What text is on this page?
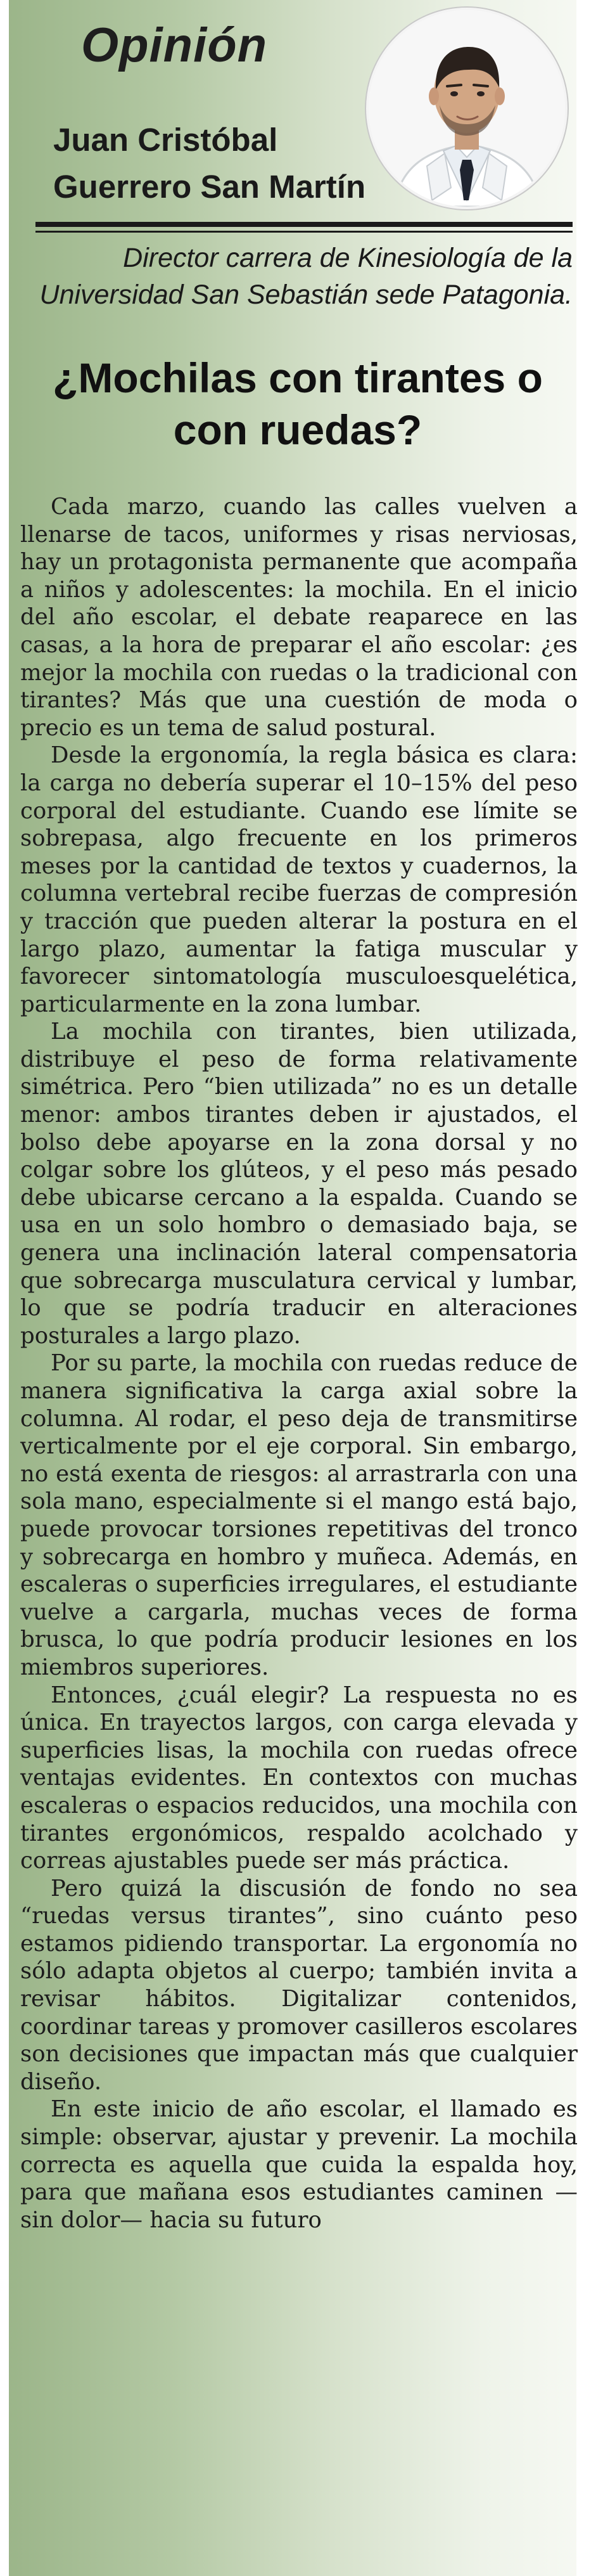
Opinión

Juan Cristóbal
Guerrero San Martín

Director carrera de Kinesiología de la
Universidad San Sebastián sede Patagonia.

¿Mochilas con tirantes o con ruedas?

Cada marzo, cuando las calles vuelven a llenarse de tacos, uniformes y risas nerviosas, hay un protagonista permanente que acompaña a niños y adolescentes: la mochila. En el inicio del año escolar, el debate reaparece en las casas, a la hora de preparar el año escolar: ¿es mejor la mochila con ruedas o la tradicional con tirantes? Más que una cuestión de moda o precio es un tema de salud postural.

Desde la ergonomía, la regla básica es clara: la carga no debería superar el 10–15% del peso corporal del estudiante. Cuando ese límite se sobrepasa, algo frecuente en los primeros meses por la cantidad de textos y cuadernos, la columna vertebral recibe fuerzas de compresión y tracción que pueden alterar la postura en el largo plazo, aumentar la fatiga muscular y favorecer sintomatología musculoesquelética, particularmente en la zona lumbar.

La mochila con tirantes, bien utilizada, distribuye el peso de forma relativamente simétrica. Pero “bien utilizada” no es un detalle menor: ambos tirantes deben ir ajustados, el bolso debe apoyarse en la zona dorsal y no colgar sobre los glúteos, y el peso más pesado debe ubicarse cercano a la espalda. Cuando se usa en un solo hombro o demasiado baja, se genera una inclinación lateral compensatoria que sobrecarga musculatura cervical y lumbar, lo que se podría traducir en alteraciones posturales a largo plazo.

Por su parte, la mochila con ruedas reduce de manera significativa la carga axial sobre la columna. Al rodar, el peso deja de transmitirse verticalmente por el eje corporal. Sin embargo, no está exenta de riesgos: al arrastrarla con una sola mano, especialmente si el mango está bajo, puede provocar torsiones repetitivas del tronco y sobrecarga en hombro y muñeca. Además, en escaleras o superficies irregulares, el estudiante vuelve a cargarla, muchas veces de forma brusca, lo que podría producir lesiones en los miembros superiores.

Entonces, ¿cuál elegir? La respuesta no es única. En trayectos largos, con carga elevada y superficies lisas, la mochila con ruedas ofrece ventajas evidentes. En contextos con muchas escaleras o espacios reducidos, una mochila con tirantes ergonómicos, respaldo acolchado y correas ajustables puede ser más práctica.

Pero quizá la discusión de fondo no sea “ruedas versus tirantes”, sino cuánto peso estamos pidiendo transportar. La ergonomía no sólo adapta objetos al cuerpo; también invita a revisar hábitos. Digitalizar contenidos, coordinar tareas y promover casilleros escolares son decisiones que impactan más que cualquier diseño.

En este inicio de año escolar, el llamado es simple: observar, ajustar y prevenir. La mochila correcta es aquella que cuida la espalda hoy, para que mañana esos estudiantes caminen —sin dolor— hacia su futuro
